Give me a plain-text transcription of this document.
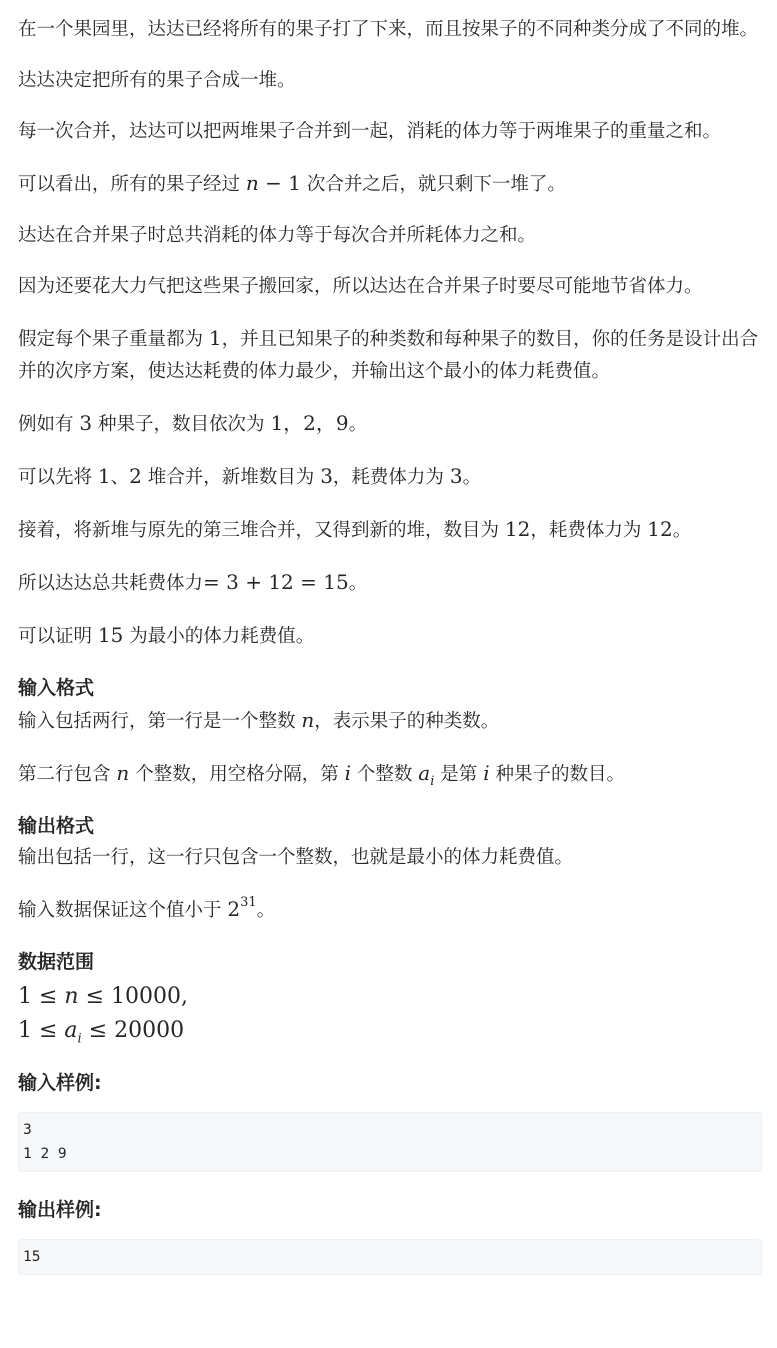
在一个果园里，达达已经将所有的果子打了下来，而且按果子的不同种类分成了不同的堆。

达达决定把所有的果子合成一堆。

每一次合并，达达可以把两堆果子合并到一起，消耗的体力等于两堆果子的重量之和。

可以看出，所有的果子经过 n − 1 次合并之后，就只剩下一堆了。

达达在合并果子时总共消耗的体力等于每次合并所耗体力之和。

因为还要花大力气把这些果子搬回家，所以达达在合并果子时要尽可能地节省体力。

假定每个果子重量都为 1，并且已知果子的种类数和每种果子的数目，你的任务是设计出合并的次序方案，使达达耗费的体力最少，并输出这个最小的体力耗费值。

例如有 3 种果子，数目依次为 1，2，9。

可以先将 1、2 堆合并，新堆数目为 3，耗费体力为 3。

接着，将新堆与原先的第三堆合并，又得到新的堆，数目为 12，耗费体力为 12。

所以达达总共耗费体力= 3 + 12 = 15。

可以证明 15 为最小的体力耗费值。

输入格式

输入包括两行，第一行是一个整数 n，表示果子的种类数。

第二行包含 n 个整数，用空格分隔，第 i 个整数 $a_i$ 是第 i 种果子的数目。

输出格式

输出包括一行，这一行只包含一个整数，也就是最小的体力耗费值。

输入数据保证这个值小于 $2^{31}$。

数据范围

1 ≤ n ≤ 10000,

$1 \le a_i \le 20000$

输入样例:
3
1 2 9
输出样例:
15
